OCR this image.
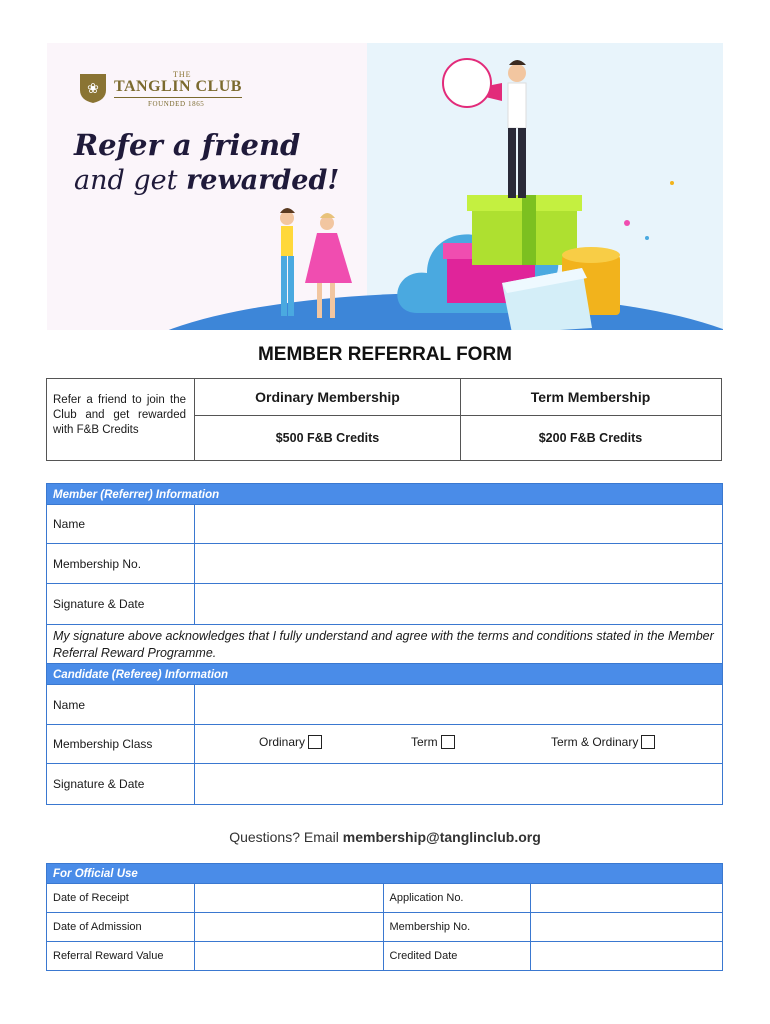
❀
THE
TANGLIN CLUB
FOUNDED 1865
Refer a friend
and get rewarded!
MEMBER REFERRAL FORM
Refer a friend to join the Club and get rewarded with F&B Credits
Ordinary Membership	Term Membership
$500 F&B Credits	$200 F&B Credits
Member (Referrer) Information
Name
Membership No.
Signature & Date
My signature above acknowledges that I fully understand and agree with the terms and conditions stated in the Member Referral Reward Programme.
Candidate (Referee) Information
Name
Membership Class	Ordinary	Term	Term & Ordinary
Signature & Date
Questions? Email membership@tanglinclub.org
For Official Use
Date of Receipt	Application No.
Date of Admission	Membership No.
Referral Reward Value	Credited Date
